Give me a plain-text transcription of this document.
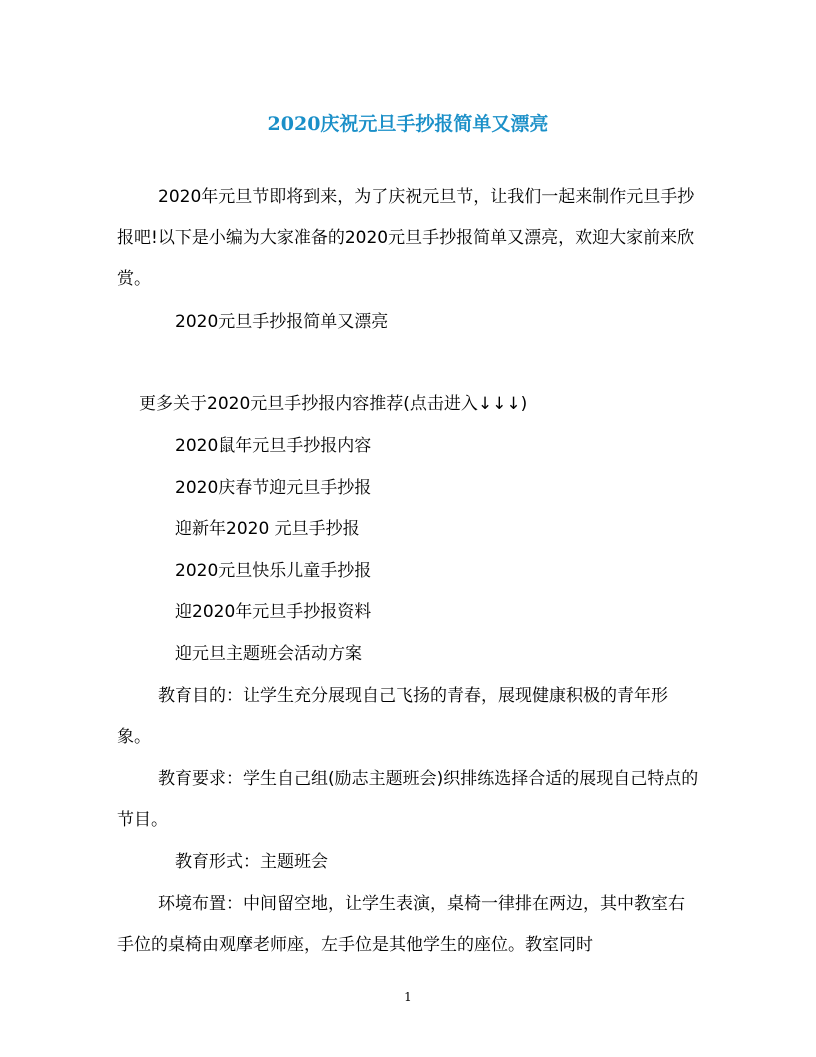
2020庆祝元旦手抄报简单又漂亮

2020年元旦节即将到来，为了庆祝元旦节，让我们一起来制作元旦手抄报吧!以下是小编为大家准备的2020元旦手抄报简单又漂亮，欢迎大家前来欣赏。

2020元旦手抄报简单又漂亮
更多关于2020元旦手抄报内容推荐(点击进入↓↓↓)
2020鼠年元旦手抄报内容
2020庆春节迎元旦手抄报
迎新年2020 元旦手抄报
2020元旦快乐儿童手抄报
迎2020年元旦手抄报资料
迎元旦主题班会活动方案

教育目的：让学生充分展现自己飞扬的青春，展现健康积极的青年形象。

教育要求：学生自己组(励志主题班会)织排练选择合适的展现自己特点的节目。

教育形式：主题班会

环境布置：中间留空地，让学生表演，桌椅一律排在两边，其中教室右手位的桌椅由观摩老师座，左手位是其他学生的座位。教室同时

1
